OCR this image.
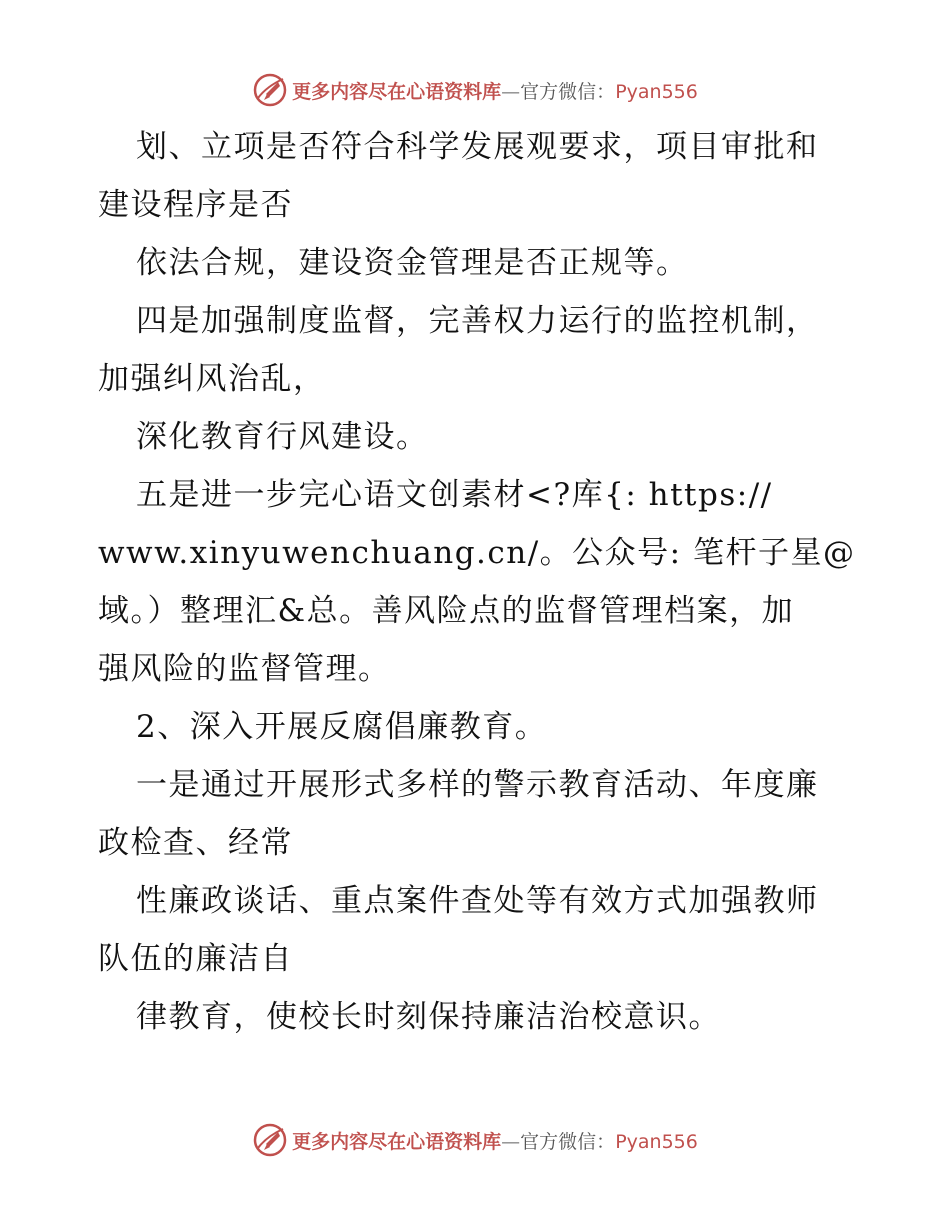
更多内容尽在心语资料库—官方微信：Pyan556
划、立项是否符合科学发展观要求，项目审批和
建设程序是否
依法合规，建设资金管理是否正规等。
四是加强制度监督，完善权力运行的监控机制，
加强纠风治乱，
深化教育行风建设。
五是进一步完心语文创素材<?库{: https://
www.xinyuwenchuang.cn/。公众号: 笔杆子星@
域。）整理汇&总。善风险点的监督管理档案，加
强风险的监督管理。
2、深入开展反腐倡廉教育。
一是通过开展形式多样的警示教育活动、年度廉
政检查、经常
性廉政谈话、重点案件查处等有效方式加强教师
队伍的廉洁自
律教育，使校长时刻保持廉洁治校意识。
更多内容尽在心语资料库—官方微信：Pyan556
